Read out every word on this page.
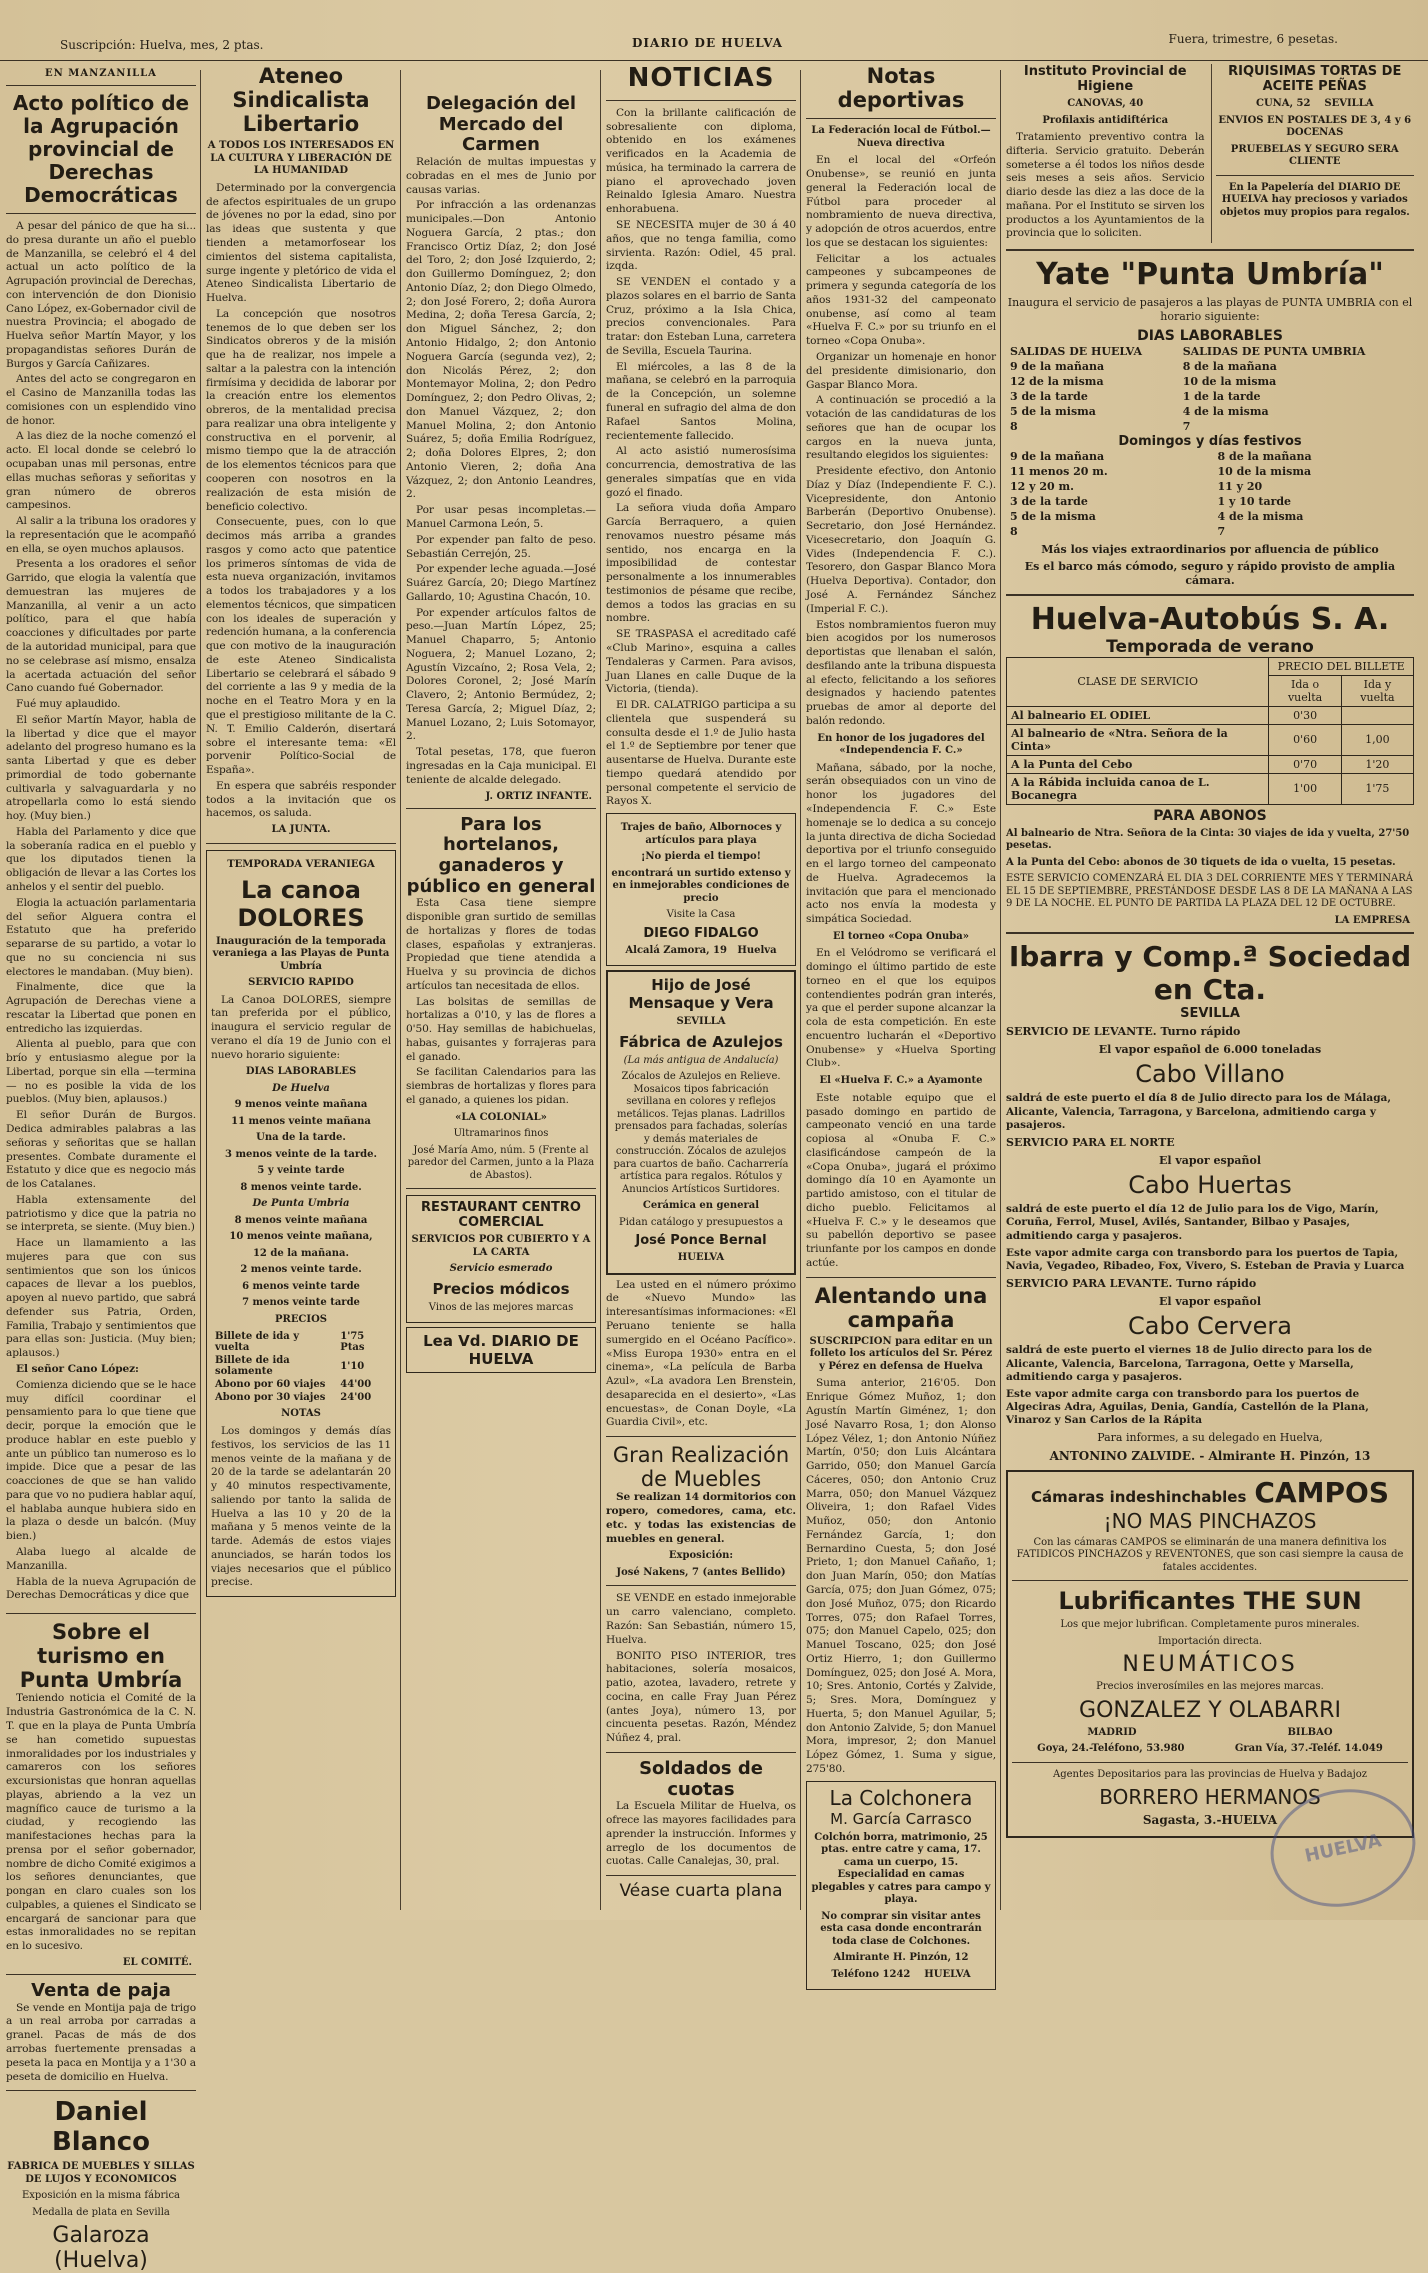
Suscripción: Huelva, mes, 2 ptas.	DIARIO DE HUELVA	Fuera, trimestre, 6 pesetas.
EN MANZANILLA
Acto político de la Agrupación provincial de Derechas Democráticas

A pesar del pánico de que ha si... do presa durante un año el pueblo de Manzanilla, se celebró el 4 del actual un acto político de la Agrupación provincial de Derechas, con intervención de don Dionisio Cano López, ex-Gobernador civil de nuestra Provincia; el abogado de Huelva señor Martín Mayor, y los propagandistas señores Durán de Burgos y García Cañizares.

Antes del acto se congregaron en el Casino de Manzanilla todas las comisiones con un esplendido vino de honor.

A las diez de la noche comenzó el acto. El local donde se celebró lo ocupaban unas mil personas, entre ellas muchas señoras y señoritas y gran número de obreros campesinos.

Al salir a la tribuna los oradores y la representación que le acompañó en ella, se oyen muchos aplausos.

Presenta a los oradores el señor Garrido, que elogia la valentía que demuestran las mujeres de Manzanilla, al venir a un acto político, para el que había coacciones y dificultades por parte de la autoridad municipal, para que no se celebrase así mismo, ensalza la acertada actuación del señor Cano cuando fué Gobernador.

Fué muy aplaudido.

El señor Martín Mayor, habla de la libertad y dice que el mayor adelanto del progreso humano es la santa Libertad y que es deber primordial de todo gobernante cultivarla y salvaguardarla y no atropellarla como lo está siendo hoy. (Muy bien.)

Habla del Parlamento y dice que la soberanía radica en el pueblo y que los diputados tienen la obligación de llevar a las Cortes los anhelos y el sentir del pueblo.

Elogia la actuación parlamentaria del señor Alguera contra el Estatuto que ha preferido separarse de su partido, a votar lo que no su conciencia ni sus electores le mandaban. (Muy bien).

Finalmente, dice que la Agrupación de Derechas viene a rescatar la Libertad que ponen en entredicho las izquierdas.

Alienta al pueblo, para que con brío y entusiasmo alegue por la Libertad, porque sin ella —termina— no es posible la vida de los pueblos. (Muy bien, aplausos.)

El señor Durán de Burgos. Dedica admirables palabras a las señoras y señoritas que se hallan presentes. Combate duramente el Estatuto y dice que es negocio más de los Catalanes.

Habla extensamente del patriotismo y dice que la patria no se interpreta, se siente. (Muy bien.)

Hace un llamamiento a las mujeres para que con sus sentimientos que son los únicos capaces de llevar a los pueblos, apoyen al nuevo partido, que sabrá defender sus Patria, Orden, Familia, Trabajo y sentimientos que para ellas son: Justicia. (Muy bien; aplausos.)

El señor Cano López:

Comienza diciendo que se le hace muy difícil coordinar el pensamiento para lo que tiene que decir, porque la emoción que le produce hablar en este pueblo y ante un público tan numeroso es lo impide. Dice que a pesar de las coacciones de que se han valido para que vo no pudiera hablar aquí, el hablaba aunque hubiera sido en la plaza o desde un balcón. (Muy bien.)

Alaba luego al alcalde de Manzanilla.

Habla de la nueva Agrupación de Derechas Democráticas y dice que

Sobre el turismo en Punta Umbría

Teniendo noticia el Comité de la Industria Gastronómica de la C. N. T. que en la playa de Punta Umbría se han cometido supuestas inmoralidades por los industriales y camareros con los señores excursionistas que honran aquellas playas, abriendo a la vez un magnífico cauce de turismo a la ciudad, y recogiendo las manifestaciones hechas para la prensa por el señor gobernador, nombre de dicho Comité exigimos a los señores denunciantes, que pongan en claro cuales son los culpables, a quienes el Sindicato se encargará de sancionar para que estas inmoralidades no se repitan en lo sucesivo.

EL COMITÉ.
Venta de paja

Se vende en Montija paja de trigo a un real arroba por carradas a granel. Pacas de más de dos arrobas fuertemente prensadas a peseta la paca en Montija y a 1'30 a peseta de domicilio en Huelva.

Daniel Blanco
FABRICA DE MUEBLES Y SILLAS DE LUJOS Y ECONOMICOS
Exposición en la misma fábrica
Medalla de plata en Sevilla
Galaroza (Huelva)
Ateneo Sindicalista Libertario
A TODOS LOS INTERESADOS EN LA CULTURA Y LIBERACIÓN DE LA HUMANIDAD

Determinado por la convergencia de afectos espirituales de un grupo de jóvenes no por la edad, sino por las ideas que sustenta y que tienden a metamorfosear los cimientos del sistema capitalista, surge ingente y pletórico de vida el Ateneo Sindicalista Libertario de Huelva.

La concepción que nosotros tenemos de lo que deben ser los Sindicatos obreros y de la misión que ha de realizar, nos impele a saltar a la palestra con la intención firmísima y decidida de laborar por la creación entre los elementos obreros, de la mentalidad precisa para realizar una obra inteligente y constructiva en el porvenir, al mismo tiempo que la de atracción de los elementos técnicos para que cooperen con nosotros en la realización de esta misión de beneficio colectivo.

Consecuente, pues, con lo que decimos más arriba a grandes rasgos y como acto que patentice los primeros síntomas de vida de esta nueva organización, invitamos a todos los trabajadores y a los elementos técnicos, que simpaticen con los ideales de superación y redención humana, a la conferencia que con motivo de la inauguración de este Ateneo Sindicalista Libertario se celebrará el sábado 9 del corriente a las 9 y media de la noche en el Teatro Mora y en la que el prestigioso militante de la C. N. T. Emilio Calderón, disertará sobre el interesante tema: «El porvenir Político-Social de España».

En espera que sabréis responder todos a la invitación que os hacemos, os saluda.

LA JUNTA.
TEMPORADA VERANIEGA
La canoa DOLORES
Inauguración de la temporada veraniega a las Playas de Punta Umbría
SERVICIO RAPIDO

La Canoa DOLORES, siempre tan preferida por el público, inaugura el servicio regular de verano el día 19 de Junio con el nuevo horario siguiente:

DIAS LABORABLES
De Huelva
9 menos veinte mañana
11 menos veinte mañana
Una de la tarde.
3 menos veinte de la tarde.
5 y veinte tarde
8 menos veinte tarde.
De Punta Umbria
8 menos veinte mañana
10 menos veinte mañana,
12 de la mañana.
2 menos veinte tarde.
6 menos veinte tarde
7 menos veinte tarde
PRECIOS
Billete de ida y vuelta	1'75 Ptas
Billete de ida solamente	1'10
Abono por 60 viajes	44'00
Abono por 30 viajes	24'00
NOTAS

Los domingos y demás días festivos, los servicios de las 11 menos veinte de la mañana y de 20 de la tarde se adelantarán 20 y 40 minutos respectivamente, saliendo por tanto la salida de Huelva a las 10 y 20 de la mañana y 5 menos veinte de la tarde. Además de estos viajes anunciados, se harán todos los viajes necesarios que el público precise.

Delegación del Mercado del Carmen

Relación de multas impuestas y cobradas en el mes de Junio por causas varias.

Por infracción a las ordenanzas municipales.—Don Antonio Noguera García, 2 ptas.; don Francisco Ortiz Díaz, 2; don José del Toro, 2; don José Izquierdo, 2; don Guillermo Domínguez, 2; don Antonio Díaz, 2; don Diego Olmedo, 2; don José Forero, 2; doña Aurora Medina, 2; doña Teresa García, 2; don Miguel Sánchez, 2; don Antonio Hidalgo, 2; don Antonio Noguera García (segunda vez), 2; don Nicolás Pérez, 2; don Montemayor Molina, 2; don Pedro Domínguez, 2; don Pedro Olivas, 2; don Manuel Vázquez, 2; don Manuel Molina, 2; don Antonio Suárez, 5; doña Emilia Rodríguez, 2; doña Dolores Elpres, 2; don Antonio Vieren, 2; doña Ana Vázquez, 2; don Antonio Leandres, 2.

Por usar pesas incompletas.—Manuel Carmona León, 5.

Por expender pan falto de peso. Sebastián Cerrejón, 25.

Por expender leche aguada.—José Suárez García, 20; Diego Martínez Gallardo, 10; Agustina Chacón, 10.

Por expender artículos faltos de peso.—Juan Martín López, 25; Manuel Chaparro, 5; Antonio Noguera, 2; Manuel Lozano, 2; Agustín Vizcaíno, 2; Rosa Vela, 2; Dolores Coronel, 2; José Marín Clavero, 2; Antonio Bermúdez, 2; Teresa García, 2; Miguel Díaz, 2; Manuel Lozano, 2; Luis Sotomayor, 2.

Total pesetas, 178, que fueron ingresadas en la Caja municipal. El teniente de alcalde delegado.

J. ORTIZ INFANTE.
Para los hortelanos, ganaderos y público en general

Esta Casa tiene siempre disponible gran surtido de semillas de hortalizas y flores de todas clases, españolas y extranjeras. Propiedad que tiene atendida a Huelva y su provincia de dichos artículos tan necesitada de ellos.

Las bolsitas de semillas de hortalizas a 0'10, y las de flores a 0'50. Hay semillas de habichuelas, habas, guisantes y forrajeras para el ganado.

Se facilitan Calendarios para las siembras de hortalizas y flores para el ganado, a quienes los pidan.

«LA COLONIAL»
Ultramarinos finos
José María Amo, núm. 5 (Frente al paredor del Carmen, junto a la Plaza de Abastos).
RESTAURANT CENTRO COMERCIAL
SERVICIOS POR CUBIERTO Y A LA CARTA
Servicio esmerado
Precios módicos
Vinos de las mejores marcas
Lea Vd. DIARIO DE HUELVA
NOTICIAS

Con la brillante calificación de sobresaliente con diploma, obtenido en los exámenes verificados en la Academia de música, ha terminado la carrera de piano el aprovechado joven Reinaldo Iglesia Amaro. Nuestra enhorabuena.

SE NECESITA mujer de 30 á 40 años, que no tenga familia, como sirvienta. Razón: Odiel, 45 pral. izqda.

SE VENDEN el contado y a plazos solares en el barrio de Santa Cruz, próximo a la Isla Chica, precios convencionales. Para tratar: don Esteban Luna, carretera de Sevilla, Escuela Taurina.

El miércoles, a las 8 de la mañana, se celebró en la parroquia de la Concepción, un solemne funeral en sufragio del alma de don Rafael Santos Molina, recientemente fallecido.

Al acto asistió numerosísima concurrencia, demostrativa de las generales simpatías que en vida gozó el finado.

La señora viuda doña Amparo García Berraquero, a quien renovamos nuestro pésame más sentido, nos encarga en la imposibilidad de contestar personalmente a los innumerables testimonios de pésame que recibe, demos a todos las gracias en su nombre.

SE TRASPASA el acreditado café «Club Marino», esquina a calles Tendaleras y Carmen. Para avisos, Juan Llanes en calle Duque de la Victoria, (tienda).

El DR. CALATRIGO participa a su clientela que suspenderá su consulta desde el 1.º de Julio hasta el 1.º de Septiembre por tener que ausentarse de Huelva. Durante este tiempo quedará atendido por personal competente el servicio de Rayos X.

Trajes de baño, Albornoces y artículos para playa
¡No pierda el tiempo!
encontrará un surtido extenso y en inmejorables condiciones de precio
Visite la Casa
DIEGO FIDALGO
Alcalá Zamora, 19 Huelva
Hijo de José Mensaque y Vera
SEVILLA
Fábrica de Azulejos
(La más antigua de Andalucía)
Zócalos de Azulejos en Relieve. Mosaicos tipos fabricación sevillana en colores y reflejos metálicos. Tejas planas. Ladrillos prensados para fachadas, solerías y demás materiales de construcción. Zócalos de azulejos para cuartos de baño. Cacharrería artística para regalos. Rótulos y Anuncios Artísticos Surtidores.
Cerámica en general
Pidan catálogo y presupuestos a
José Ponce Bernal
HUELVA

Lea usted en el número próximo de «Nuevo Mundo» las interesantísimas informaciones: «El Peruano teniente se halla sumergido en el Océano Pacífico». «Miss Europa 1930» entra en el cinema», «La película de Barba Azul», «La avadora Len Brenstein, desaparecida en el desierto», «Las encuestas», de Conan Doyle, «La Guardia Civil», etc.

Gran Realización de Muebles

Se realizan 14 dormitorios con ropero, comedores, cama, etc. etc. y todas las existencias de muebles en general.

Exposición:
José Nakens, 7 (antes Bellido)

SE VENDE en estado inmejorable un carro valenciano, completo. Razón: San Sebastián, número 15, Huelva.

BONITO PISO INTERIOR, tres habitaciones, solería mosaicos, patio, azotea, lavadero, retrete y cocina, en calle Fray Juan Pérez (antes Joya), número 13, por cincuenta pesetas. Razón, Méndez Núñez 4, pral.

Soldados de cuotas

La Escuela Militar de Huelva, os ofrece las mayores facilidades para aprender la instrucción. Informes y arreglo de los documentos de cuotas. Calle Canalejas, 30, pral.

Véase cuarta plana
Notas deportivas
La Federación local de Fútbol.— Nueva directiva

En el local del «Orfeón Onubense», se reunió en junta general la Federación local de Fútbol para proceder al nombramiento de nueva directiva, y adopción de otros acuerdos, entre los que se destacan los siguientes:

Felicitar a los actuales campeones y subcampeones de primera y segunda categoría de los años 1931-32 del campeonato onubense, así como al team «Huelva F. C.» por su triunfo en el torneo «Copa Onuba».

Organizar un homenaje en honor del presidente dimisionario, don Gaspar Blanco Mora.

A continuación se procedió a la votación de las candidaturas de los señores que han de ocupar los cargos en la nueva junta, resultando elegidos los siguientes:

Presidente efectivo, don Antonio Díaz y Díaz (Independiente F. C.). Vicepresidente, don Antonio Barberán (Deportivo Onubense). Secretario, don José Hernández. Vicesecretario, don Joaquín G. Vides (Independencia F. C.). Tesorero, don Gaspar Blanco Mora (Huelva Deportiva). Contador, don José A. Fernández Sánchez (Imperial F. C.).

Estos nombramientos fueron muy bien acogidos por los numerosos deportistas que llenaban el salón, desfilando ante la tribuna dispuesta al efecto, felicitando a los señores designados y haciendo patentes pruebas de amor al deporte del balón redondo.

En honor de los jugadores del «Independencia F. C.»

Mañana, sábado, por la noche, serán obsequiados con un vino de honor los jugadores del «Independencia F. C.» Este homenaje se lo dedica a su concejo la junta directiva de dicha Sociedad deportiva por el triunfo conseguido en el largo torneo del campeonato de Huelva. Agradecemos la invitación que para el mencionado acto nos envía la modesta y simpática Sociedad.

El torneo «Copa Onuba»

En el Velódromo se verificará el domingo el último partido de este torneo en el que los equipos contendientes podrán gran interés, ya que el perder supone alcanzar la cola de esta competición. En este encuentro lucharán el «Deportivo Onubense» y «Huelva Sporting Club».

El «Huelva F. C.» a Ayamonte

Este notable equipo que el pasado domingo en partido de campeonato venció en una tarde copiosa al «Onuba F. C.» clasificándose campeón de la «Copa Onuba», jugará el próximo domingo día 10 en Ayamonte un partido amistoso, con el titular de dicho pueblo. Felicitamos al «Huelva F. C.» y le deseamos que su pabellón deportivo se pasee triunfante por los campos en donde actúe.

Alentando una campaña
SUSCRIPCION para editar en un folleto los artículos del Sr. Pérez y Pérez en defensa de Huelva

Suma anterior, 216'05. Don Enrique Gómez Muñoz, 1; don Agustín Martín Giménez, 1; don José Navarro Rosa, 1; don Alonso López Vélez, 1; don Antonio Núñez Martín, 0'50; don Luis Alcántara Garrido, 050; don Manuel García Cáceres, 050; don Antonio Cruz Marra, 050; don Manuel Vázquez Oliveira, 1; don Rafael Vides Muñoz, 050; don Antonio Fernández García, 1; don Bernardino Cuesta, 5; don José Prieto, 1; don Manuel Cañaño, 1; don Juan Marín, 050; don Matías García, 075; don Juan Gómez, 075; don José Muñoz, 075; don Ricardo Torres, 075; don Rafael Torres, 075; don Manuel Capelo, 025; don Manuel Toscano, 025; don José Ortiz Hierro, 1; don Guillermo Domínguez, 025; don José A. Mora, 10; Sres. Antonio, Cortés y Zalvide, 5; Sres. Mora, Domínguez y Huerta, 5; don Manuel Aguilar, 5; don Antonio Zalvide, 5; don Manuel Mora, impresor, 2; don Manuel López Gómez, 1. Suma y sigue, 275'80.

La Colchonera
M. García Carrasco
Colchón borra, matrimonio, 25 ptas. entre catre y cama, 17. cama un cuerpo, 15. Especialidad en camas plegables y catres para campo y playa.
No comprar sin visitar antes esta casa donde encontrarán toda clase de Colchones.
Almirante H. Pinzón, 12
Teléfono 1242 HUELVA
Instituto Provincial de Higiene
CANOVAS, 40
Profilaxis antidiftérica

Tratamiento preventivo contra la difteria. Servicio gratuito. Deberán someterse a él todos los niños desde seis meses a seis años. Servicio diario desde las diez a las doce de la mañana. Por el Instituto se sirven los productos a los Ayuntamientos de la provincia que lo soliciten.

RIQUISIMAS TORTAS DE ACEITE PEÑAS
CUNA, 52 SEVILLA
ENVIOS EN POSTALES DE 3, 4 y 6 DOCENAS
PRUEBELAS Y SEGURO SERA CLIENTE
En la Papelería del DIARIO DE HUELVA hay preciosos y variados objetos muy propios para regalos.
Yate "Punta Umbría"
Inaugura el servicio de pasajeros a las playas de PUNTA UMBRIA con el horario siguiente:
DIAS LABORABLES
SALIDAS DE HUELVA	SALIDAS DE PUNTA UMBRIA
9 de la mañana	8 de la mañana
12 de la misma	10 de la misma
3 de la tarde	1 de la tarde
5 de la misma	4 de la misma
8	7
Domingos y días festivos
9 de la mañana	8 de la mañana
11 menos 20 m.	10 de la misma
12 y 20 m.	11 y 20
3 de la tarde	1 y 10 tarde
5 de la misma	4 de la misma
8	7
Más los viajes extraordinarios por afluencia de público
Es el barco más cómodo, seguro y rápido provisto de amplia cámara.
Huelva-Autobús S. A.
Temporada de verano
CLASE DE SERVICIO	PRECIO DEL BILLETE	
	Ida o vuelta	Ida y vuelta
Al balneario EL ODIEL	0'30	
Al balneario de «Ntra. Señora de la Cinta»	0'60	1,00
A la Punta del Cebo	0'70	1'20
A la Rábida incluida canoa de L. Bocanegra	1'00	1'75
PARA ABONOS
Al balneario de Ntra. Señora de la Cinta: 30 viajes de ida y vuelta, 27'50 pesetas.
A la Punta del Cebo: abonos de 30 tiquets de ida o vuelta, 15 pesetas.
ESTE SERVICIO COMENZARÁ EL DIA 3 DEL CORRIENTE MES Y TERMINARÁ EL 15 DE SEPTIEMBRE, PRESTÁNDOSE DESDE LAS 8 DE LA MAÑANA A LAS 9 DE LA NOCHE. EL PUNTO DE PARTIDA LA PLAZA DEL 12 DE OCTUBRE.
LA EMPRESA
Ibarra y Comp.ª Sociedad en Cta.
SEVILLA
SERVICIO DE LEVANTE. Turno rápido
El vapor español de 6.000 toneladas
Cabo Villano
saldrá de este puerto el día 8 de Julio directo para los de Málaga, Alicante, Valencia, Tarragona, y Barcelona, admitiendo carga y pasajeros.
SERVICIO PARA EL NORTE
El vapor español
Cabo Huertas
saldrá de este puerto el día 12 de Julio para los de Vigo, Marín, Coruña, Ferrol, Musel, Avilés, Santander, Bilbao y Pasajes, admitiendo carga y pasajeros.
Este vapor admite carga con transbordo para los puertos de Tapia, Navia, Vegadeo, Ribadeo, Fox, Vivero, S. Esteban de Pravia y Luarca
SERVICIO PARA LEVANTE. Turno rápido
El vapor español
Cabo Cervera
saldrá de este puerto el viernes 18 de Julio directo para los de Alicante, Valencia, Barcelona, Tarragona, Oette y Marsella, admitiendo carga y pasajeros.
Este vapor admite carga con transbordo para los puertos de Algeciras Adra, Aguilas, Denia, Gandía, Castellón de la Plana, Vinaroz y San Carlos de la Rápita
Para informes, a su delegado en Huelva,
ANTONINO ZALVIDE. - Almirante H. Pinzón, 13
Cámaras indeshinchables CAMPOS
¡NO MAS PINCHAZOS
Con las cámaras CAMPOS se eliminarán de una manera definitiva los FATIDICOS PINCHAZOS y REVENTONES, que son casi siempre la causa de fatales accidentes.
Lubrificantes THE SUN
Los que mejor lubrifican. Completamente puros minerales.
Importación directa.
NEUMÁTICOS
Precios inverosímiles en las mejores marcas.
GONZALEZ Y OLABARRI
MADRID	BILBAO
Goya, 24.-Teléfono, 53.980	Gran Vía, 37.-Teléf. 14.049
Agentes Depositarios para las provincias de Huelva y Badajoz
BORRERO HERMANOS
Sagasta, 3.-HUELVA
HUELVA
